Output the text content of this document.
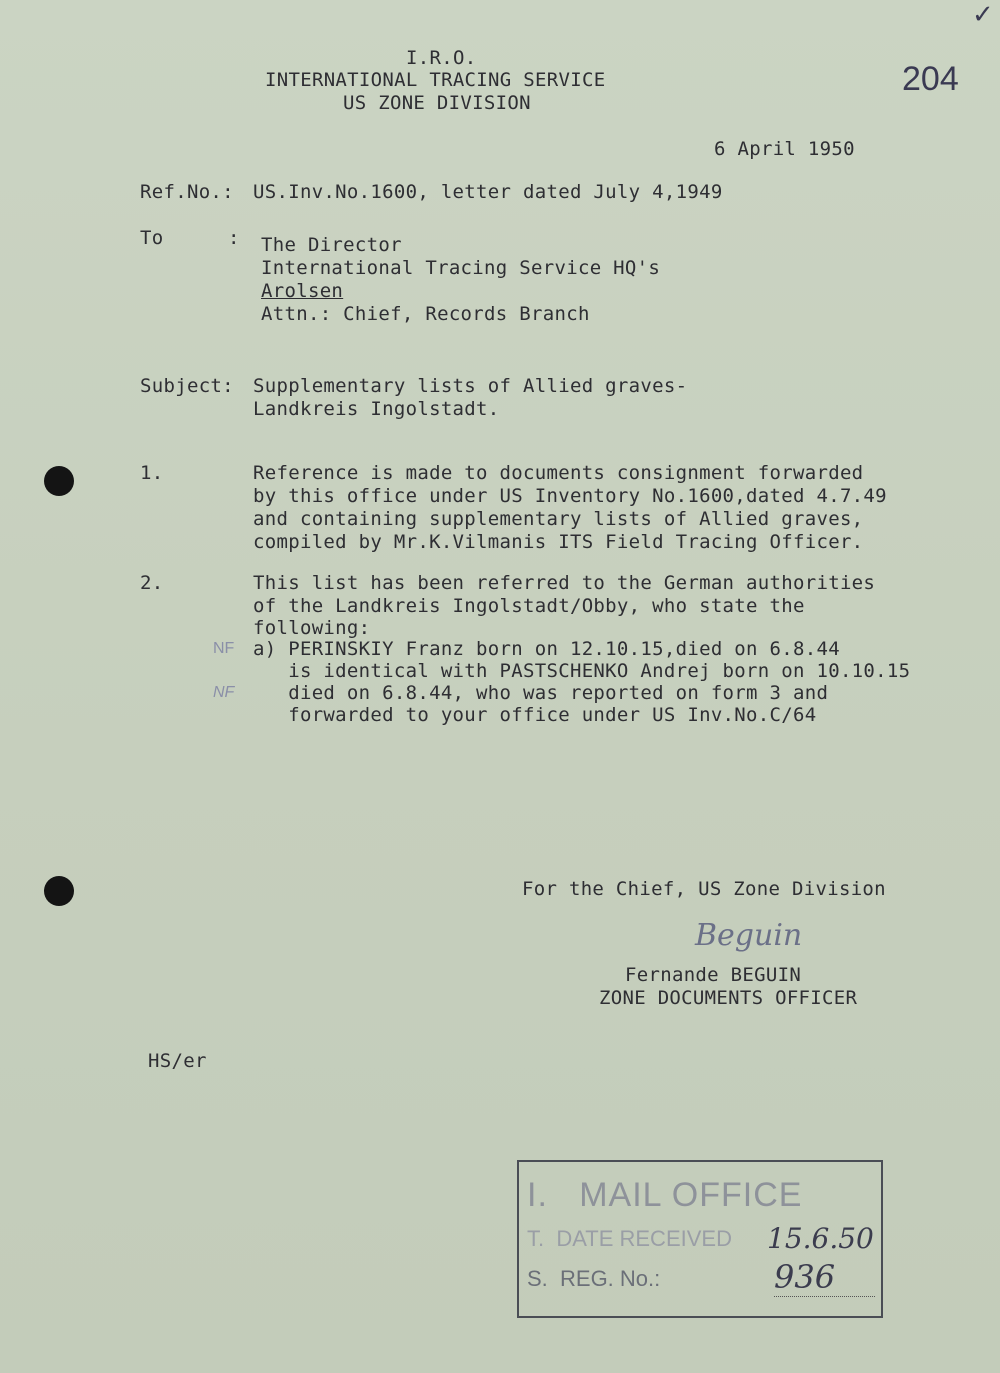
✓
204
I.R.O.
INTERNATIONAL TRACING SERVICE
US ZONE DIVISION
6 April 1950
Ref.No.: US.Inv.No.1600, letter dated July 4,1949
To	: The Director
International Tracing Service HQ's
Arolsen
Attn.: Chief, Records Branch
Subject: Supplementary lists of Allied graves-
Landkreis Ingolstadt.
1.	Reference is made to documents consignment forwarded
by this office under US Inventory No.1600,dated 4.7.49
and containing supplementary lists of Allied graves,
compiled by Mr.K.Vilmanis ITS Field Tracing Officer.
2.	This list has been referred to the German authorities
of the Landkreis Ingolstadt/Obby, who state the
following:
NF
NF
a) PERINSKIY Franz born on 12.10.15,died on 6.8.44
is identical with PASTSCHENKO Andrej born on 10.10.15
died on 6.8.44, who was reported on form 3 and
forwarded to your office under US Inv.No.C/64
For the Chief, US Zone Division
Beguin
Fernande BEGUIN
ZONE DOCUMENTS OFFICER
HS/er
I.   MAIL OFFICE
T.  DATE RECEIVED 15.6.50
S.  REG. No.:	936
